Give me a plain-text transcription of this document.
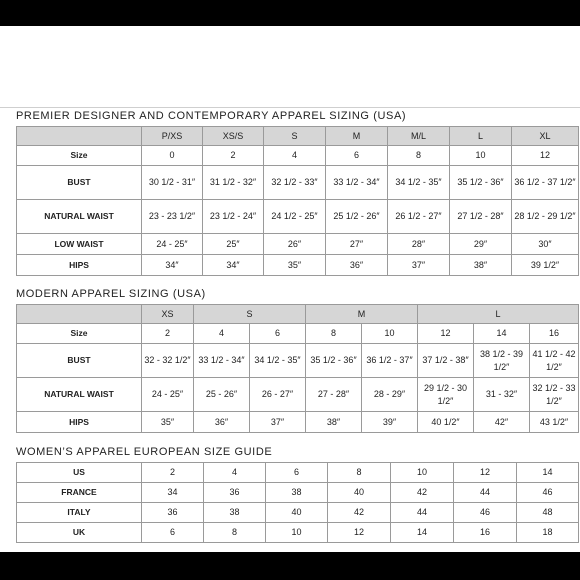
PREMIER DESIGNER AND CONTEMPORARY APPAREL SIZING (USA)
	P/XS	XS/S	S	M	M/L	L	XL
Size	0	2	4	6	8	10	12
BUST	30 1/2 - 31″	31 1/2 - 32″	32 1/2 - 33″	33 1/2 - 34″	34 1/2 - 35″	35 1/2 - 36″	36 1/2 - 37 1/2″
NATURAL WAIST	23 - 23 1/2″	23 1/2 - 24″	24 1/2 - 25″	25 1/2 - 26″	26 1/2 - 27″	27 1/2 - 28″	28 1/2 - 29 1/2″
LOW WAIST	24 - 25″	25″	26″	27″	28″	29″	30″
HIPS	34″	34″	35″	36″	37″	38″	39 1/2″
MODERN APPAREL SIZING (USA)
	XS	S		M		L	
Size	2	4	6	8	10	12	14	16	
BUST	32 - 32 1/2″	33 1/2 - 34″	34 1/2 - 35″	35 1/2 - 36″	36 1/2 - 37″	37 1/2 - 38″	38 1/2 - 39 1/2″	41 1/2 - 42 1/2″	
NATURAL WAIST	24 - 25″	25 - 26″	26 - 27″	27 - 28″	28 - 29″	29 1/2 - 30 1/2″	31 - 32″	32 1/2 - 33 1/2″	
HIPS	35″	36″	37″	38″	39″	40 1/2″	42″	43 1/2″	
WOMEN’S APPAREL EUROPEAN SIZE GUIDE
US	2	4	6	8	10	12	14
FRANCE	34	36	38	40	42	44	46
ITALY	36	38	40	42	44	46	48
UK	6	8	10	12	14	16	18
